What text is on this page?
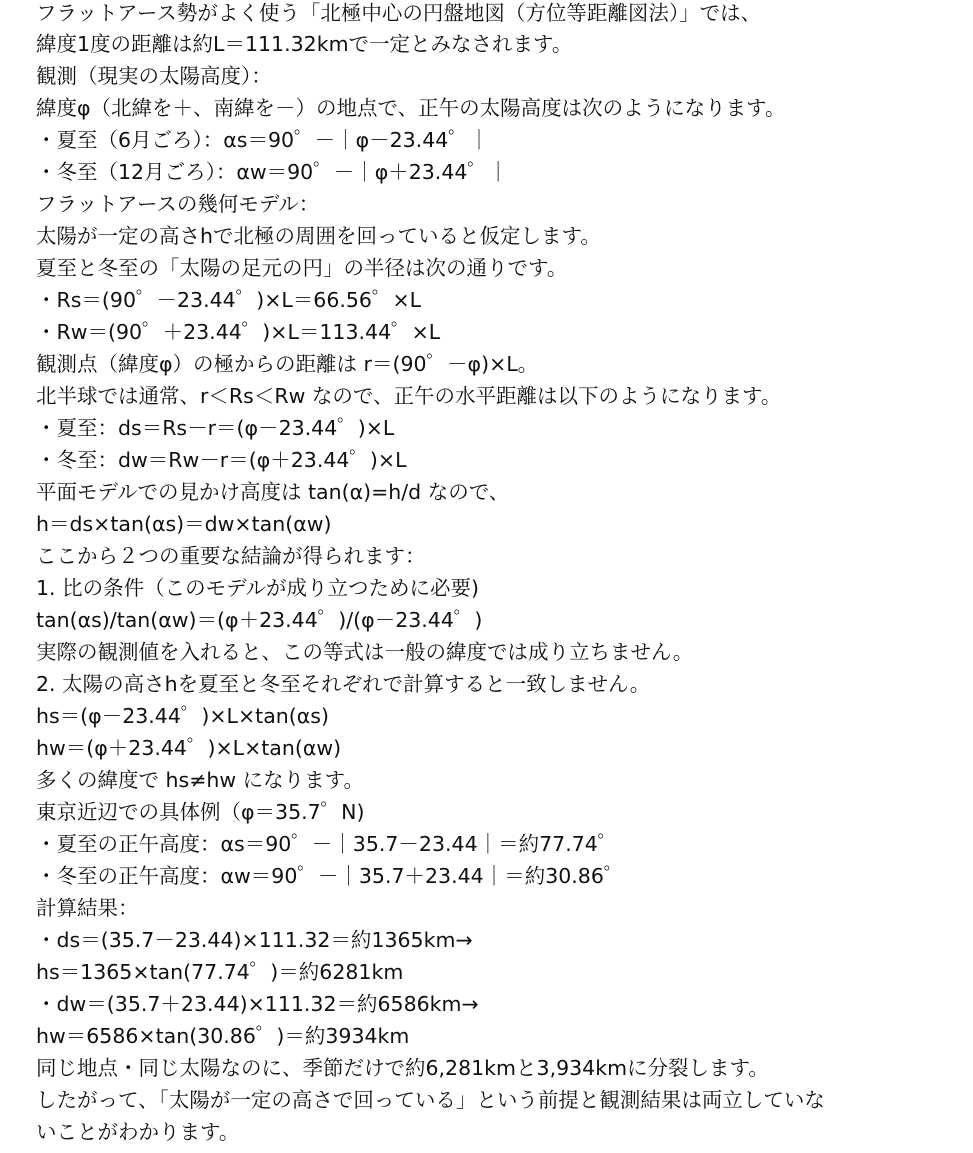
フラットアース勢がよく使う「北極中心の円盤地図（方位等距離図法）」では、
緯度1度の距離は約L＝111.32kmで一定とみなされます。
観測（現実の太陽高度）：
緯度φ（北緯を＋、南緯を－）の地点で、正午の太陽高度は次のようになります。
・夏至（6月ごろ）：αs＝90゜－｜φ－23.44゜｜
・冬至（12月ごろ）：αw＝90゜－｜φ＋23.44゜｜
フラットアースの幾何モデル：
太陽が一定の高さhで北極の周囲を回っていると仮定します。
夏至と冬至の「太陽の足元の円」の半径は次の通りです。
・Rs＝(90゜－23.44゜)×L＝66.56゜×L
・Rw＝(90゜＋23.44゜)×L＝113.44゜×L
観測点（緯度φ）の極からの距離は r＝(90゜－φ)×L。
北半球では通常、r＜Rs＜Rw なので、正午の水平距離は以下のようになります。
・夏至：ds＝Rs－r＝(φ－23.44゜)×L
・冬至：dw＝Rw－r＝(φ＋23.44゜)×L
平面モデルでの見かけ高度は tan(α)=h/d なので、
h＝ds×tan(αs)＝dw×tan(αw)
ここから２つの重要な結論が得られます：
1. 比の条件（このモデルが成り立つために必要)
tan(αs)/tan(αw)＝(φ＋23.44゜)/(φ－23.44゜)
実際の観測値を入れると、この等式は一般の緯度では成り立ちません。
2. 太陽の高さhを夏至と冬至それぞれで計算すると一致しません。
hs＝(φ－23.44゜)×L×tan(αs)
hw＝(φ＋23.44゜)×L×tan(αw)
多くの緯度で hs≠hw になります。
東京近辺での具体例（φ＝35.7゜N)
・夏至の正午高度：αs＝90゜－｜35.7－23.44｜＝約77.74゜
・冬至の正午高度：αw＝90゜－｜35.7＋23.44｜＝約30.86゜
計算結果：
・ds＝(35.7－23.44)×111.32＝約1365km→
hs＝1365×tan(77.74゜)＝約6281km
・dw＝(35.7＋23.44)×111.32＝約6586km→
hw＝6586×tan(30.86゜)＝約3934km
同じ地点・同じ太陽なのに、季節だけで約6,281kmと3,934kmに分裂します。
したがって、「太陽が一定の高さで回っている」という前提と観測結果は両立していな
いことがわかります。
